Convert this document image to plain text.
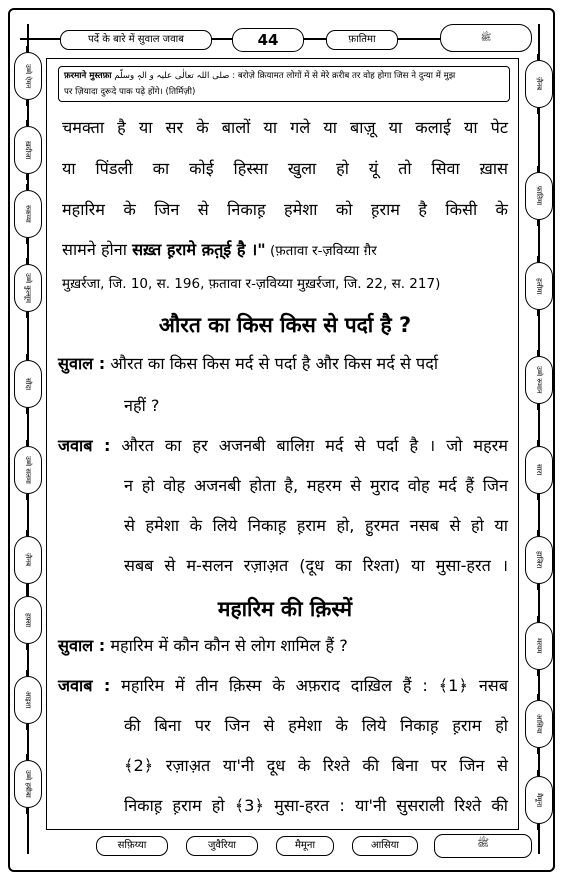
पर्दे के बारे में सुवाल जवाब	44	फ़ातिमा	ﷺ
फ़रमाने मुस्तफ़ा صلی اللہ تعالٰی علیہ و الہٖ وسلّم : बरोज़े क़ियामत लोगों में से मेरे क़रीब तर वोह होगा जिस ने दुन्या में मुझ
पर ज़ियादा दुरूदे पाक पढ़े होंगे। (तिर्मिज़ी)
उम्मे ऐमन
ख़दीजा
रुक़य्या
उम्मे कुल्सूम
सौदा
उम्मे सलमा
ज़ैनब
हफ़्सा
आइशा
उम्मे हबीबा
ज़ैनब
फ़ातिमा
हलीमा
उम्मे रूमान
सारा
हाजिरा
मरयम
आसिया
मैमूना
चमक्ता है या सर के बालों या गले या बाज़ू या कलाई या पेट
या पिंडली का कोई हिस्सा खुला हो यूं तो सिवा ख़ास
महारिम के जिन से निकाह़ हमेशा को ह़राम है किसी के
सामने होना सख़्त ह़रामे क़त़्ई है ।" (फ़तावा र-ज़विय्या ग़ैर
मुख़र्रजा, जि. 10, स. 196, फ़तावा र-ज़विय्या मुख़र्रजा, जि. 22, स. 217)
औरत का किस किस से पर्दा है ?
सुवाल : औरत का किस किस मर्द से पर्दा है और किस मर्द से पर्दा
नहीं ?
जवाब : औरत का हर अजनबी बालिग़ मर्द से पर्दा है । जो महरम
न हो वोह अजनबी होता है, महरम से मुराद वोह मर्द हैं जिन
से हमेशा के लिये निकाह़ ह़राम हो, हु़रमत नसब से हो या
सबब से म-सलन रज़ाअ़त (दूध का रिश्ता) या मुसा-हरत ।
महारिम की क़िस्में
सुवाल : महारिम में कौन कौन से लोग शामिल हैं ?
जवाब : महारिम में तीन क़िस्म के अफ़राद दाख़िल हैं : ﴾1﴿ नसब
की बिना पर जिन से हमेशा के लिये निकाह़ ह़राम हो
﴾2﴿ रज़ाअ़त या'नी दूध के रिश्ते की बिना पर जिन से
निकाह़ ह़राम हो ﴾3﴿ मुसा-हरत : या'नी सुसराली रिश्ते की
सफ़िय्या	जुवैरिया	मैमूना	आसिया	ﷺ
